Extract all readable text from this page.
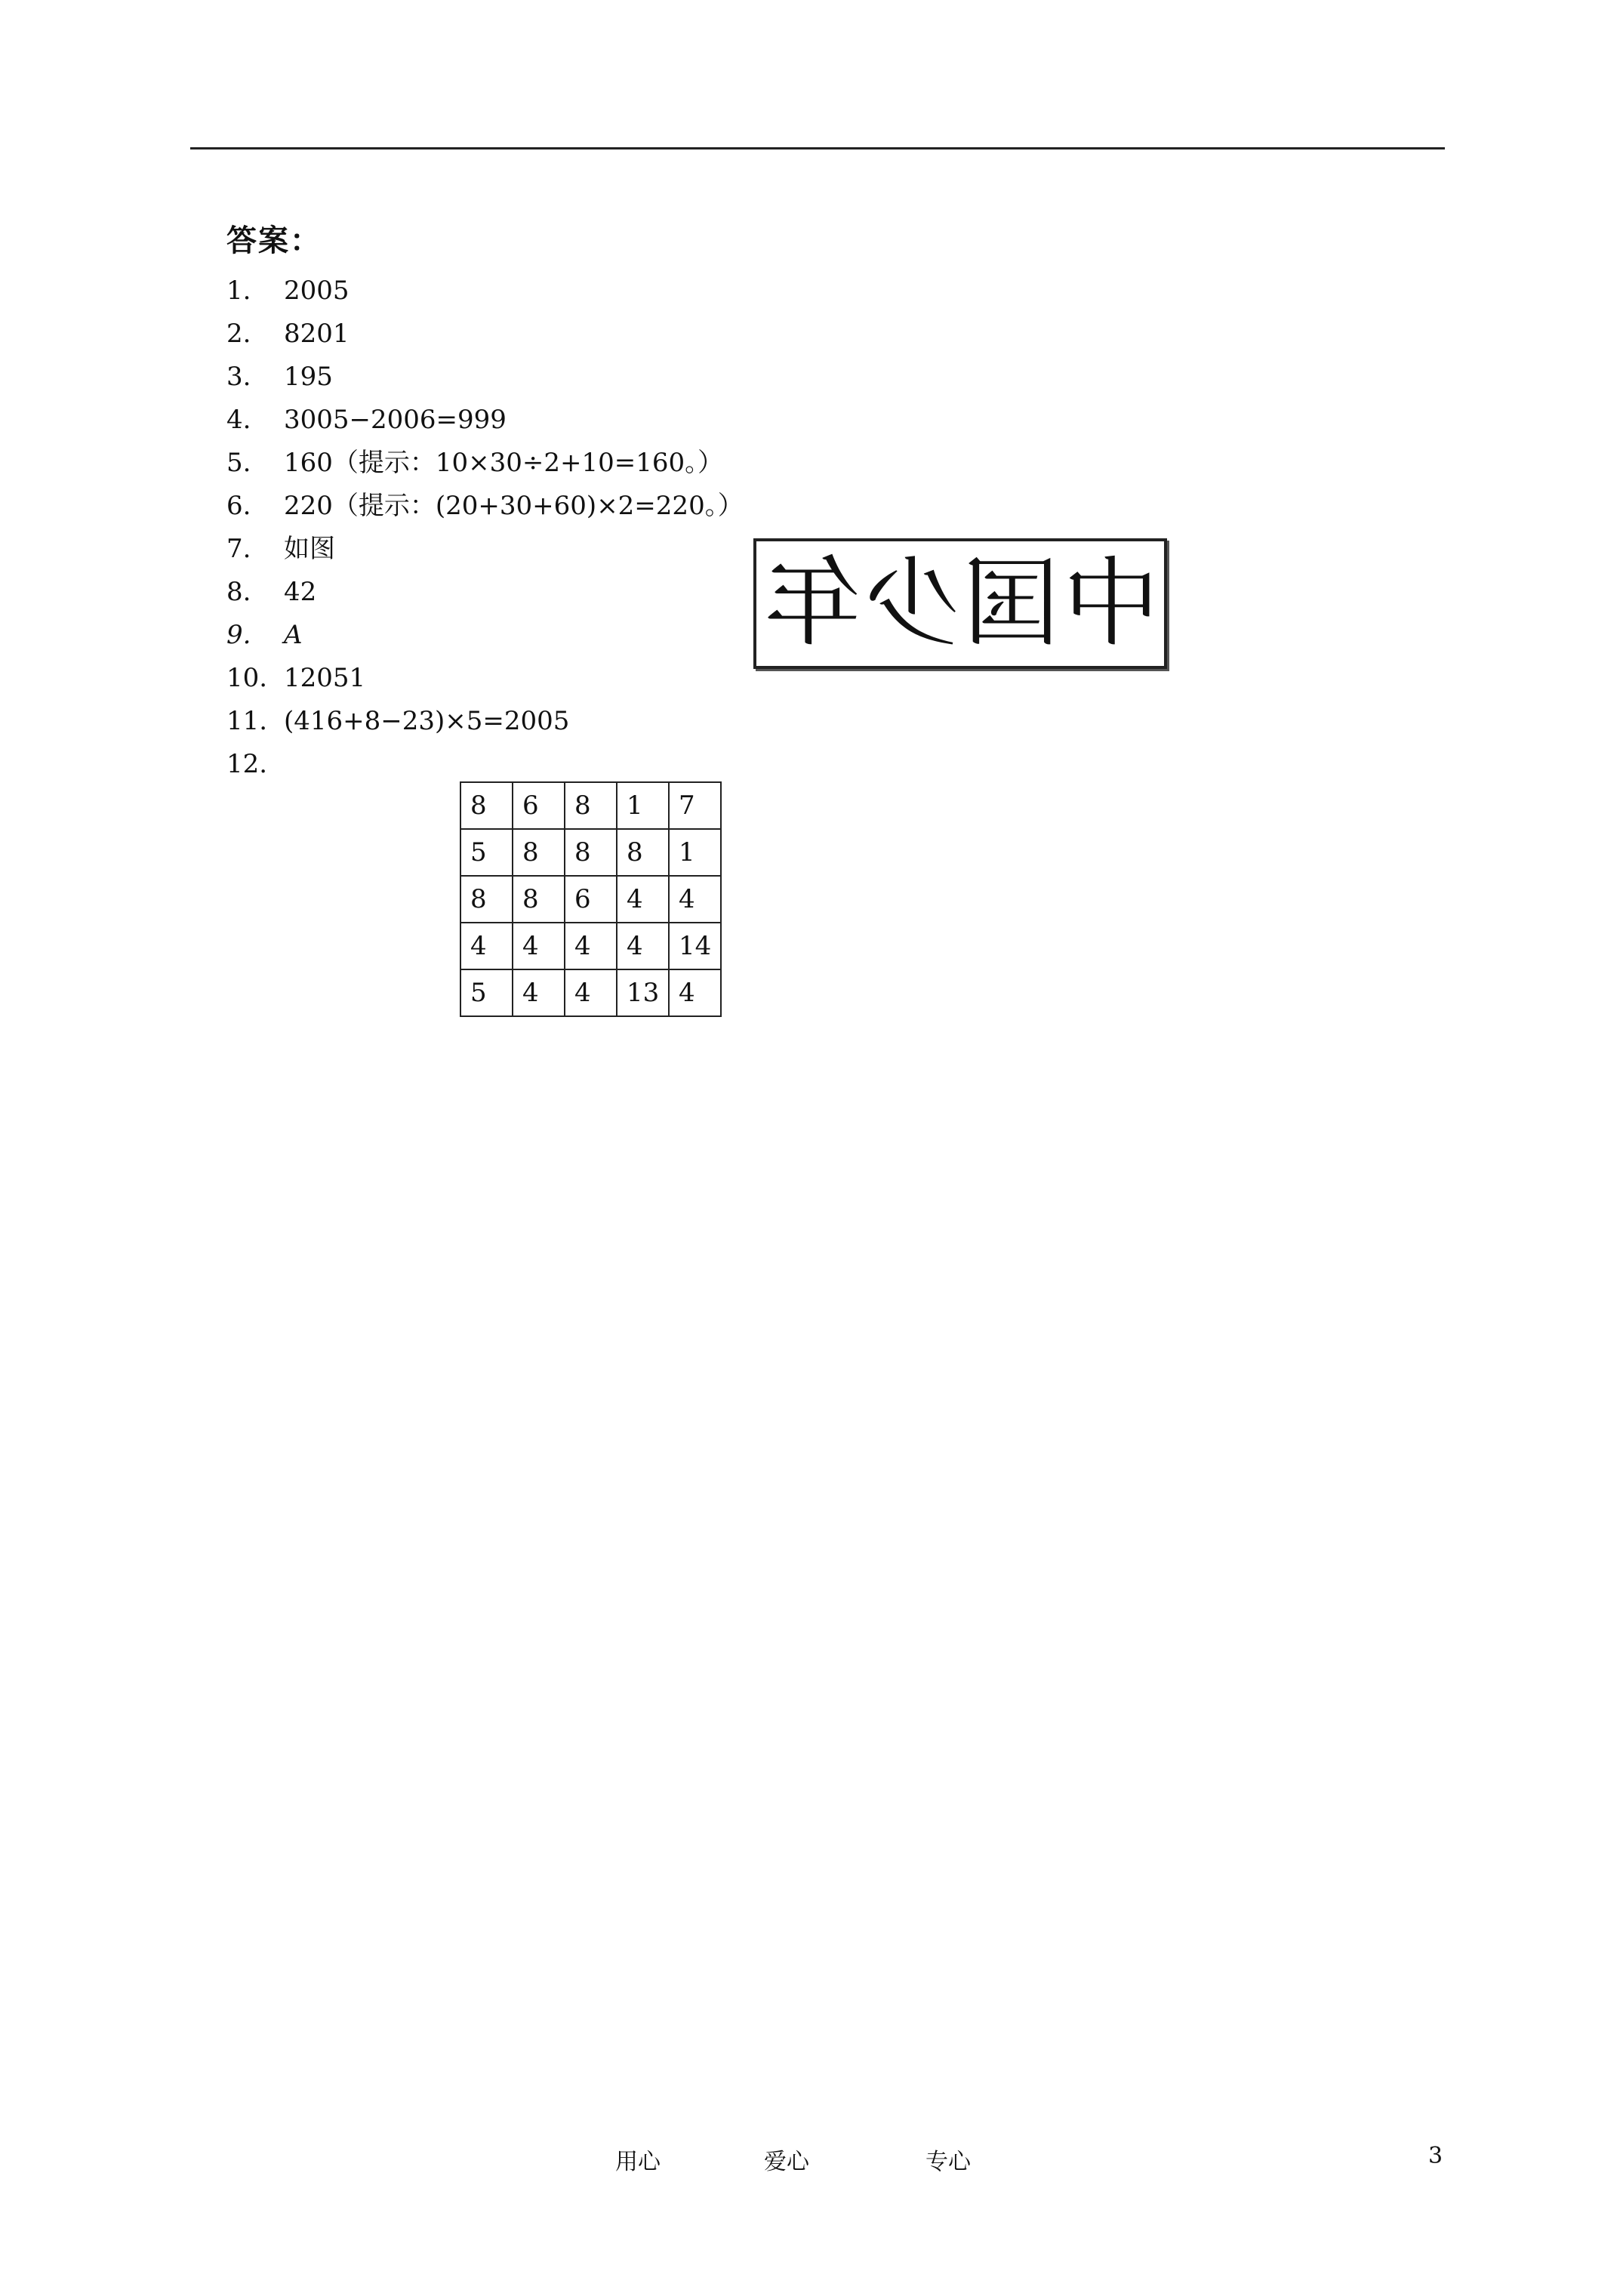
答案：
1. 2005
2. 8201
3. 195
4. 3005−2006=999
5. 160（提示：10×30÷2+10=160。）
6. 220（提示：(20+30+60)×2=220。）
7. 如图
8. 42
9. A
10. 12051
11. (416+8−23)×5=2005
12.
中国少年
8	6	8	1	7
5	8	8	8	1
8	8	6	4	4
4	4	4	4	14
5	4	4	13	4
用心	爱心	专心	3
